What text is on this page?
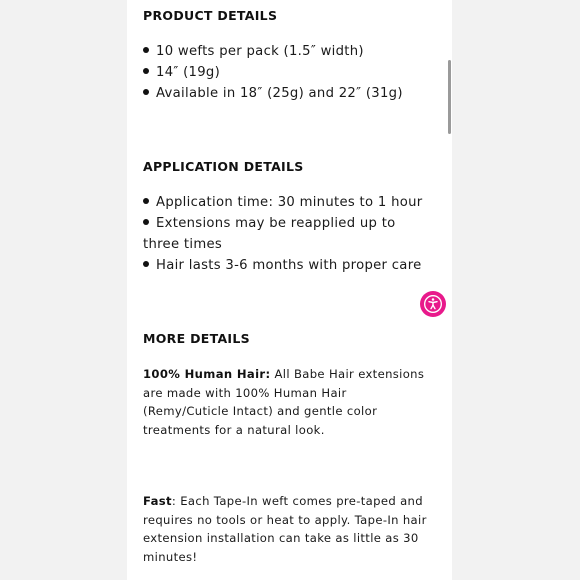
PRODUCT DETAILS
10 wefts per pack (1.5″ width)
14″ (19g)
Available in 18″ (25g) and 22″ (31g)
APPLICATION DETAILS
Application time: 30 minutes to 1 hour
Extensions may be reapplied up to three times
Hair lasts 3-6 months with proper care
MORE DETAILS

100% Human Hair: All Babe Hair extensions are made with 100% Human Hair (Remy/Cuticle Intact) and gentle color treatments for a natural look.

Fast: Each Tape-In weft comes pre-taped and requires no tools or heat to apply. Tape-In hair extension installation can take as little as 30 minutes!
